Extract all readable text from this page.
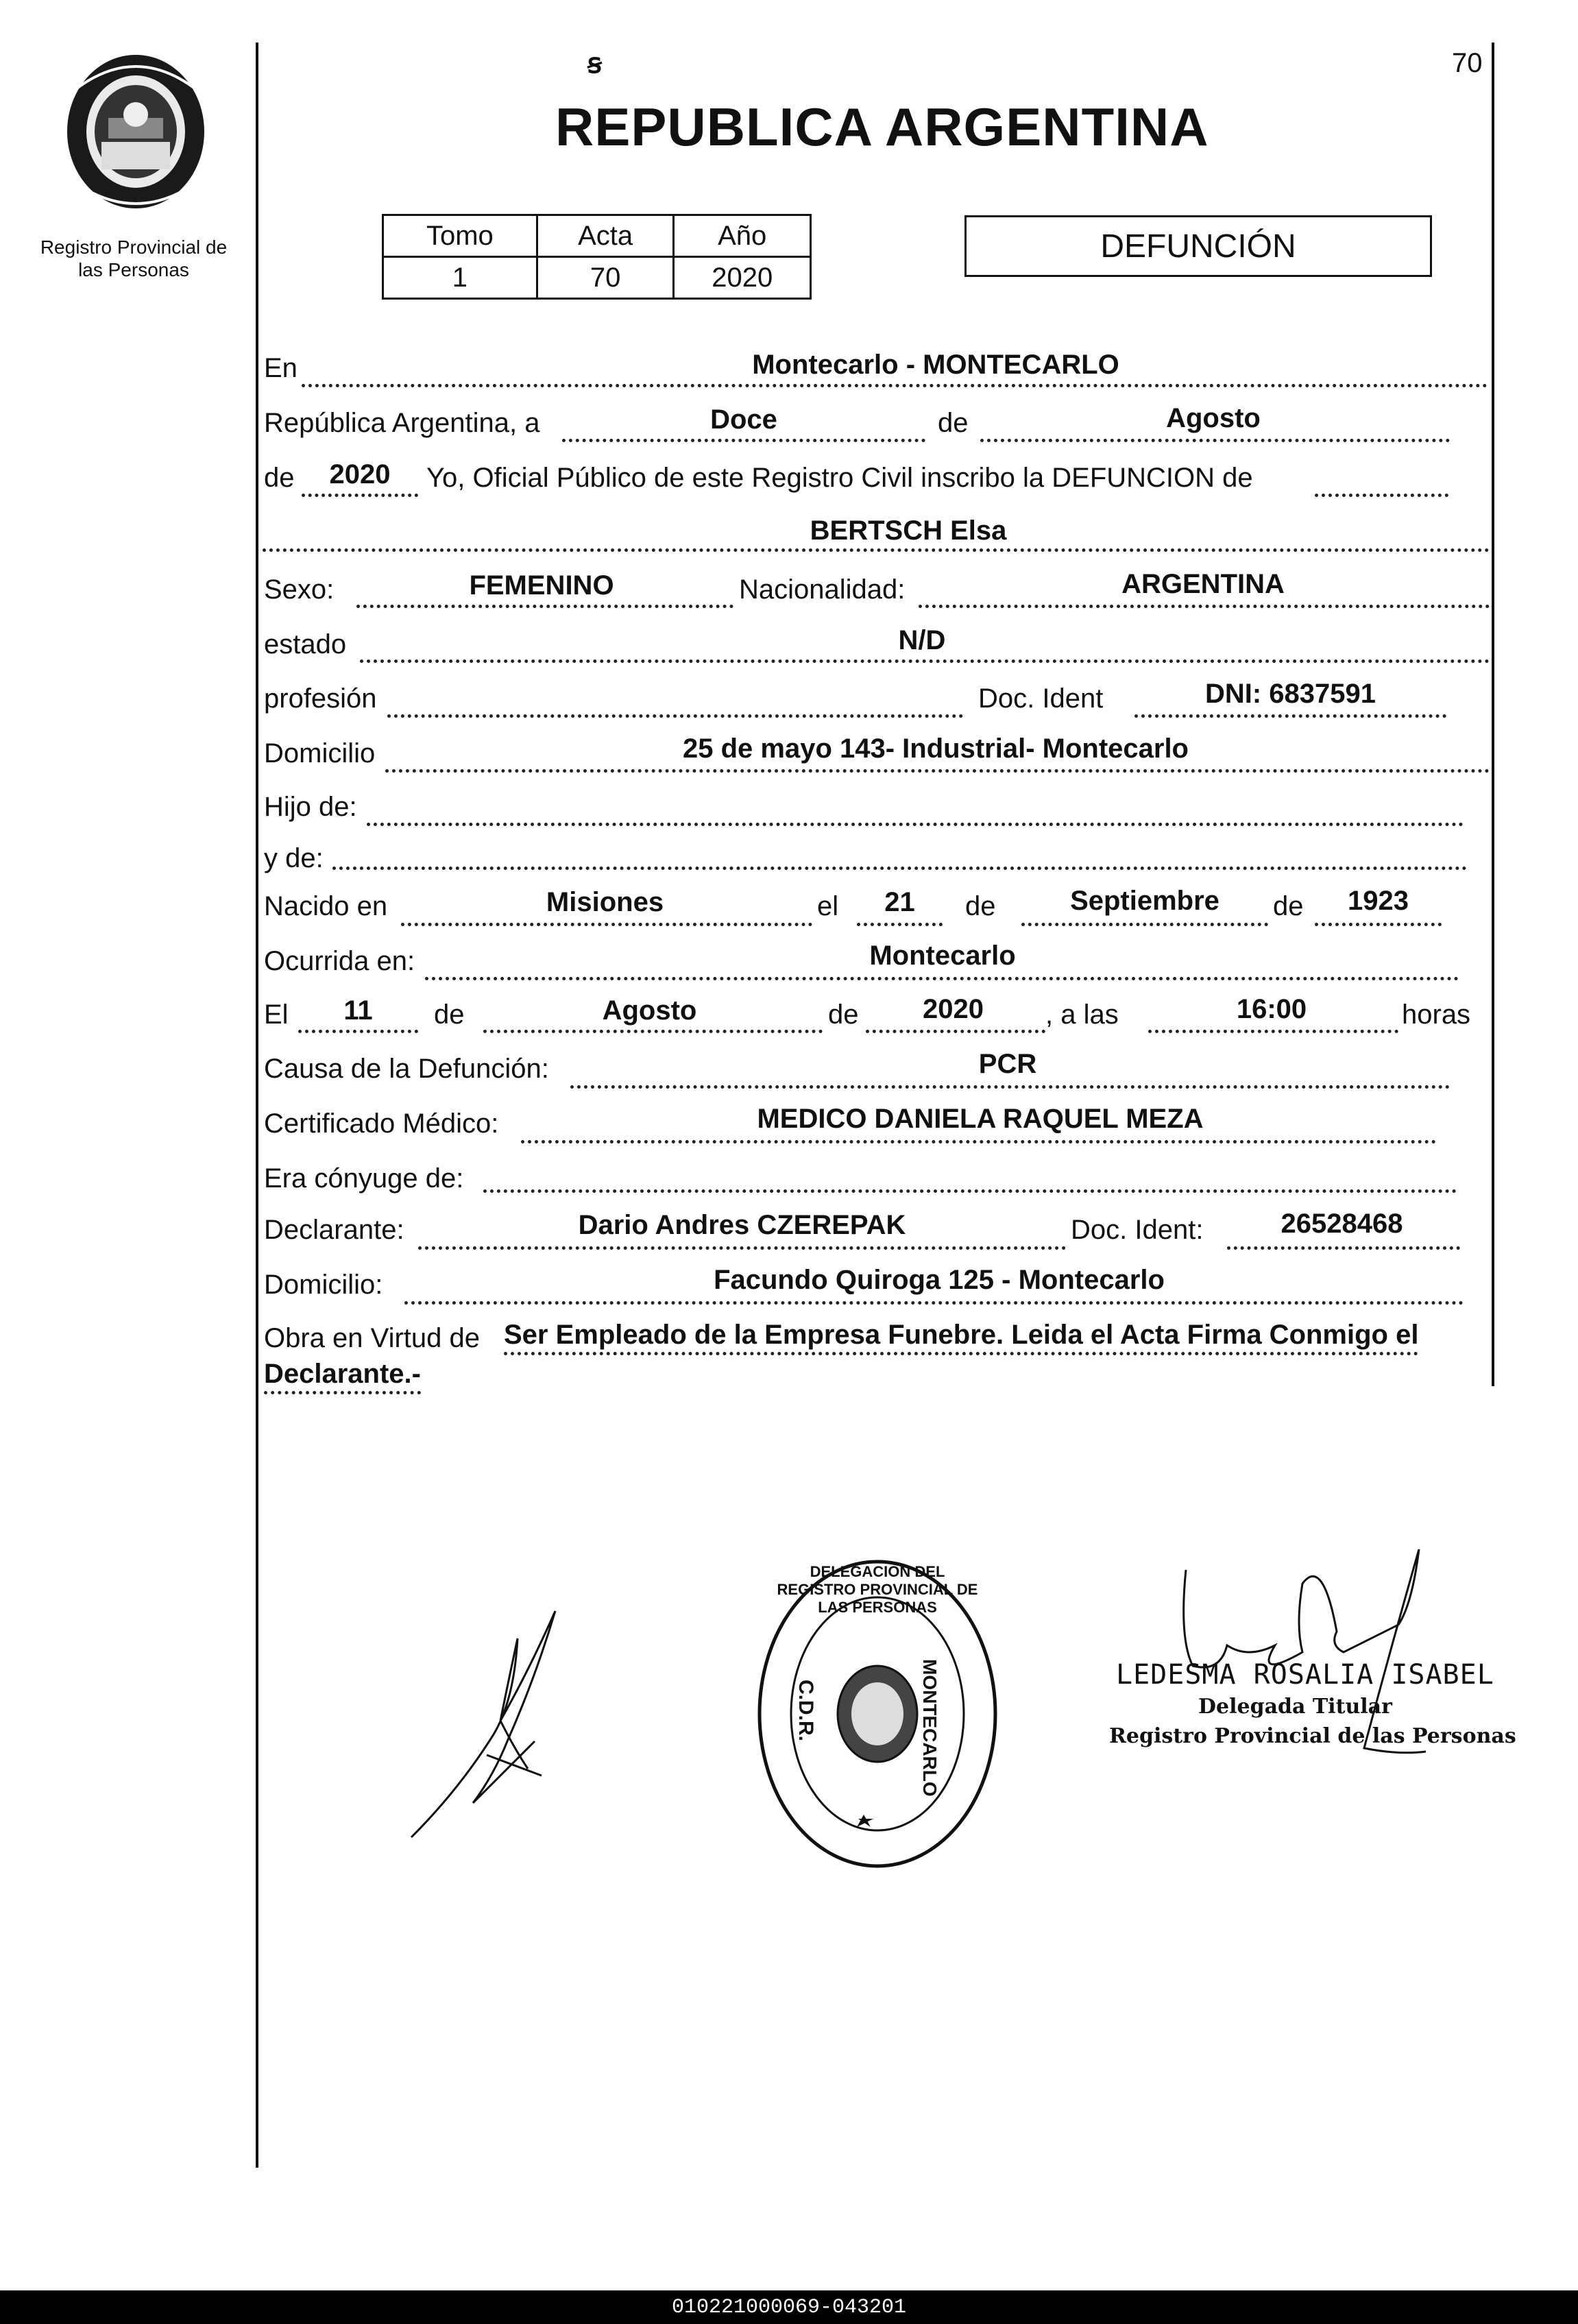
Registro Provincial de
las Personas
70
ꞩ
REPUBLICA ARGENTINA
Tomo	Acta	Año
1	70	2020
DEFUNCIÓN
En	Montecarlo - MONTECARLO
República Argentina, a	Doce	de	Agosto
de	2020	Yo, Oficial Público de este Registro Civil inscribo la DEFUNCION de
BERTSCH Elsa
Sexo:	FEMENINO	Nacionalidad:	ARGENTINA
estado	N/D
profesión	Doc. Ident	DNI: 6837591
Domicilio	25 de mayo 143- Industrial- Montecarlo
Hijo de:
y de:
Nacido en	Misiones	el	21	de	Septiembre	de	1923
Ocurrida en:	Montecarlo
El	11	de	Agosto	de	2020	, a las	16:00	horas
Causa de la Defunción:	PCR
Certificado Médico:	MEDICO DANIELA RAQUEL MEZA
Era cónyuge de:
Declarante:	Dario Andres CZEREPAK	Doc. Ident:	26528468
Domicilio:	Facundo Quiroga 125 - Montecarlo
Obra en Virtud de Ser Empleado de la Empresa Funebre. Leida el Acta Firma Conmigo el
Declarante.-
DELEGACION DEL REGISTRO PROVINCIAL DE LAS PERSONAS
C.D.R.	MONTECARLO	LEDESMA ROSALIA ISABEL
Delegada Titular
Registro Provincial de las Personas
010221000069-043201
